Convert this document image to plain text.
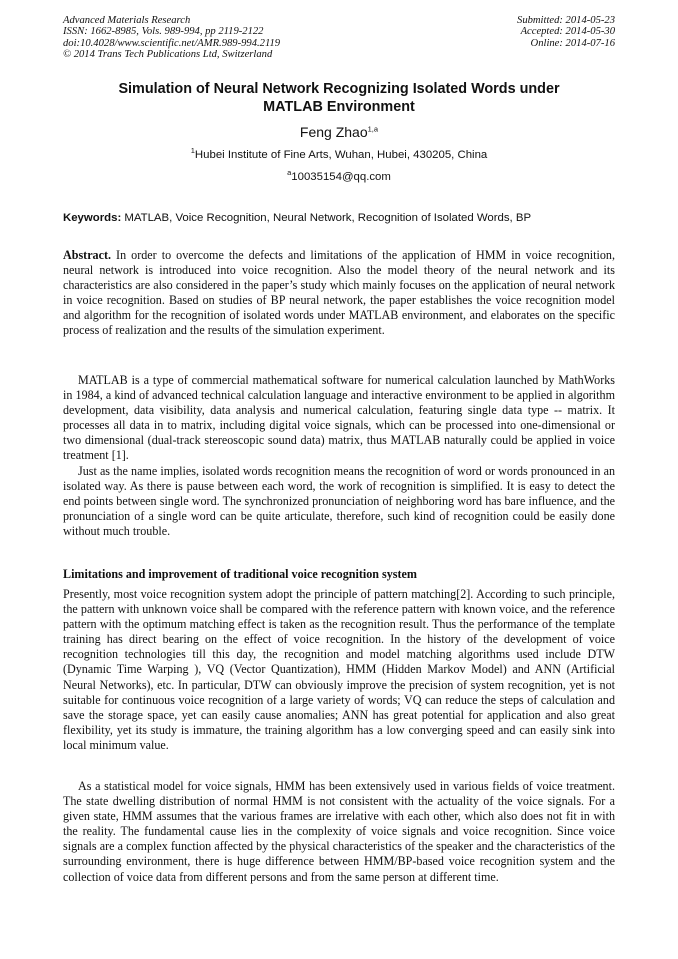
Advanced Materials Research
ISSN: 1662-8985, Vols. 989-994, pp 2119-2122
doi:10.4028/www.scientific.net/AMR.989-994.2119
© 2014 Trans Tech Publications Ltd, Switzerland
Submitted: 2014-05-23
Accepted: 2014-05-30
Online: 2014-07-16
Simulation of Neural Network Recognizing Isolated Words under
MATLAB Environment
Feng Zhao$^{1,a}$
$^1$Hubei Institute of Fine Arts, Wuhan, Hubei, 430205, China
$^a$10035154@qq.com
Keywords: MATLAB, Voice Recognition, Neural Network, Recognition of Isolated Words, BP

Abstract. In order to overcome the defects and limitations of the application of HMM in voice recognition, neural network is introduced into voice recognition. Also the model theory of the neural network and its characteristics are also considered in the paper’s study which mainly focuses on the application of neural network in voice recognition. Based on studies of BP neural network, the paper establishes the voice recognition model and algorithm for the recognition of isolated words under MATLAB environment, and elaborates on the specific process of realization and the results of the simulation experiment.

MATLAB is a type of commercial mathematical software for numerical calculation launched by MathWorks in 1984, a kind of advanced technical calculation language and interactive environment to be applied in algorithm development, data visibility, data analysis and numerical calculation, featuring single data type -- matrix. It processes all data in to matrix, including digital voice signals, which can be processed into one-dimensional or two dimensional (dual-track stereoscopic sound data) matrix, thus MATLAB naturally could be applied in voice treatment [1].

Just as the name implies, isolated words recognition means the recognition of word or words pronounced in an isolated way. As there is pause between each word, the work of recognition is simplified. It is easy to detect the end points between single word. The synchronized pronunciation of neighboring word has bare influence, and the pronunciation of a single word can be quite articulate, therefore, such kind of recognition could be easily done without much trouble.

Limitations and improvement of traditional voice recognition system

Presently, most voice recognition system adopt the principle of pattern matching[2]. According to such principle, the pattern with unknown voice shall be compared with the reference pattern with known voice, and the reference pattern with the optimum matching effect is taken as the recognition result. Thus the performance of the template training has direct bearing on the effect of voice recognition. In the history of the development of voice recognition technologies till this day, the recognition and model matching algorithms used include DTW (Dynamic Time Warping ), VQ (Vector Quantization), HMM (Hidden Markov Model) and ANN (Artificial Neural Networks), etc. In particular, DTW can obviously improve the precision of system recognition, yet is not suitable for continuous voice recognition of a large variety of words; VQ can reduce the steps of calculation and save the storage space, yet can easily cause anomalies; ANN has great potential for application and also great flexibility, yet its study is immature, the training algorithm has a low converging speed and can easily sink into local minimum value.

As a statistical model for voice signals, HMM has been extensively used in various fields of voice treatment. The state dwelling distribution of normal HMM is not consistent with the actuality of the voice signals. For a given state, HMM assumes that the various frames are irrelative with each other, which also does not fit in with the reality. The fundamental cause lies in the complexity of voice signals and voice recognition. Since voice signals are a complex function affected by the physical characteristics of the speaker and the characteristics of the surrounding environment, there is huge difference between HMM/BP-based voice recognition system and the collection of voice data from different persons and from the same person at different time.
